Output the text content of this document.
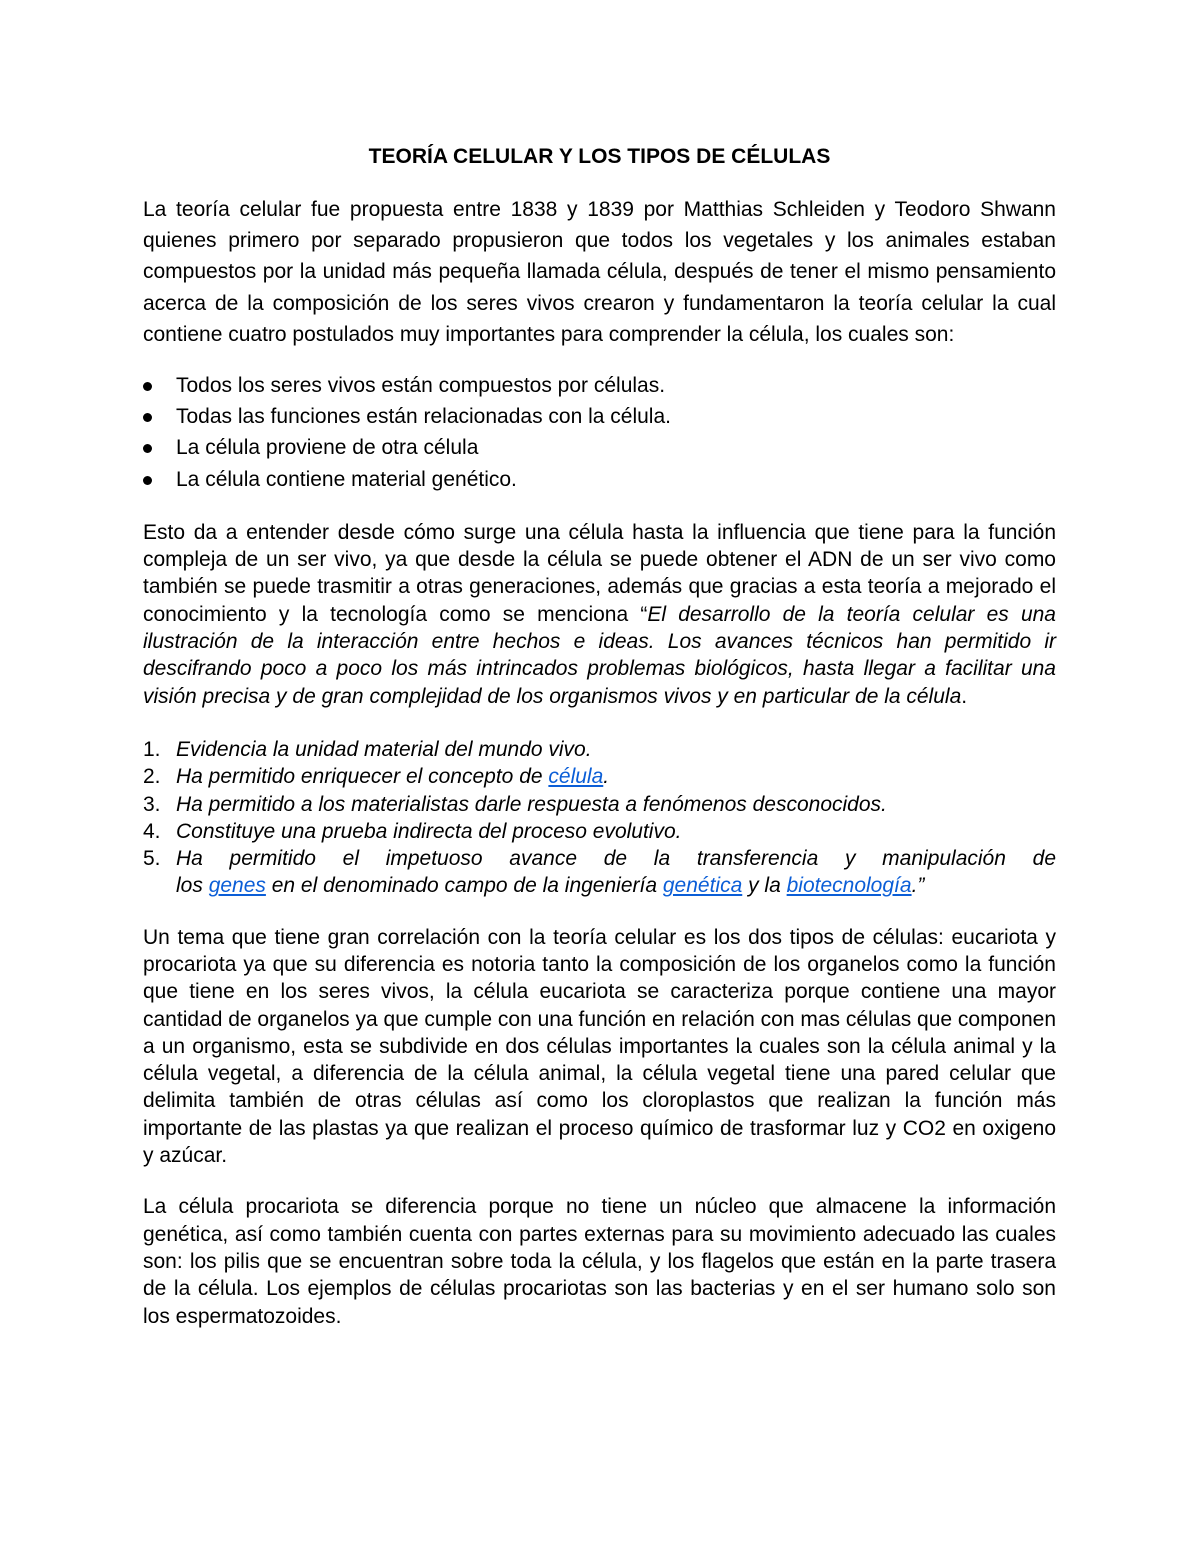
TEORÍA CELULAR Y LOS TIPOS DE CÉLULAS

La teoría celular fue propuesta entre 1838 y 1839 por Matthias Schleiden y Teodoro Shwann quienes primero por separado propusieron que todos los vegetales y los animales estaban compuestos por la unidad más pequeña llamada célula, después de tener el mismo pensamiento acerca de la composición de los seres vivos crearon y fundamentaron la teoría celular la cual contiene cuatro postulados muy importantes para comprender la célula, los cuales son:

Todos los seres vivos están compuestos por células.
Todas las funciones están relacionadas con la célula.
La célula proviene de otra célula
La célula contiene material genético.

Esto da a entender desde cómo surge una célula hasta la influencia que tiene para la función compleja de un ser vivo, ya que desde la célula se puede obtener el ADN de un ser vivo como también se puede trasmitir a otras generaciones, además que gracias a esta teoría a mejorado el conocimiento y la tecnología como se menciona “El desarrollo de la teoría celular es una ilustración de la interacción entre hechos e ideas. Los avances técnicos han permitido ir descifrando poco a poco los más intrincados problemas biológicos, hasta llegar a facilitar una visión precisa y de gran complejidad de los organismos vivos y en particular de la célula.

1. Evidencia la unidad material del mundo vivo.
2. Ha permitido enriquecer el concepto de célula.
3. Ha permitido a los materialistas darle respuesta a fenómenos desconocidos.
4. Constituye una prueba indirecta del proceso evolutivo.
5. Ha permitido el impetuoso avance de la transferencia y manipulación de
los genes en el denominado campo de la ingeniería genética y la biotecnología.”

Un tema que tiene gran correlación con la teoría celular es los dos tipos de células: eucariota y procariota ya que su diferencia es notoria tanto la composición de los organelos como la función que tiene en los seres vivos, la célula eucariota se caracteriza porque contiene una mayor cantidad de organelos ya que cumple con una función en relación con mas células que componen a un organismo, esta se subdivide en dos células importantes la cuales son la célula animal y la célula vegetal, a diferencia de la célula animal, la célula vegetal tiene una pared celular que delimita también de otras células así como los cloroplastos que realizan la función más importante de las plastas ya que realizan el proceso químico de trasformar luz y CO2 en oxigeno y azúcar.

La célula procariota se diferencia porque no tiene un núcleo que almacene la información genética, así como también cuenta con partes externas para su movimiento adecuado las cuales son: los pilis que se encuentran sobre toda la célula, y los flagelos que están en la parte trasera de la célula. Los ejemplos de células procariotas son las bacterias y en el ser humano solo son los espermatozoides.
